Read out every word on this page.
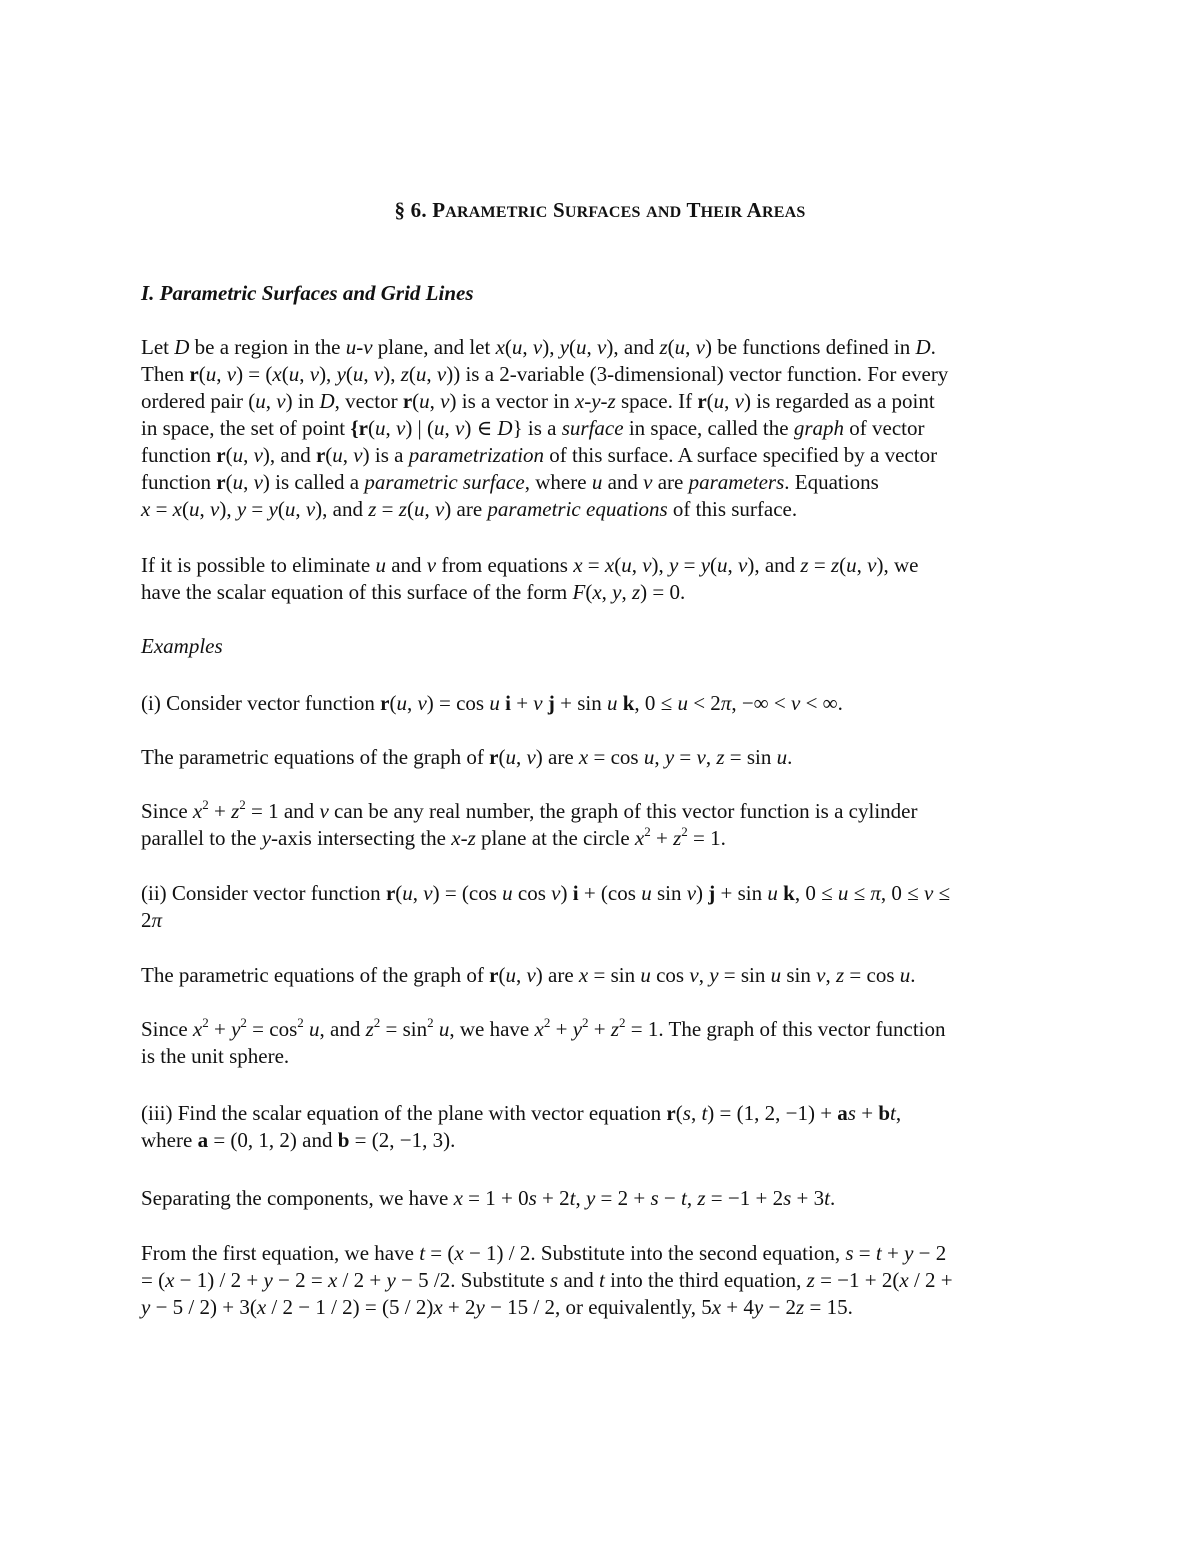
§ 6. PARAMETRIC SURFACES AND THEIR AREAS
I. Parametric Surfaces and Grid Lines
Examples
Let D be a region in the u-v plane, and let x(u, v), y(u, v), and z(u, v) be functions defined in D.
Then r(u, v) = (x(u, v), y(u, v), z(u, v)) is a 2-variable (3-dimensional) vector function. For every
ordered pair (u, v) in D, vector r(u, v) is a vector in x-y-z space. If r(u, v) is regarded as a point
in space, the set of point {r(u, v) | (u, v) ∈ D} is a surface in space, called the graph of vector
function r(u, v), and r(u, v) is a parametrization of this surface. A surface specified by a vector
function r(u, v) is called a parametric surface, where u and v are parameters. Equations
x = x(u, v), y = y(u, v), and z = z(u, v) are parametric equations of this surface.
If it is possible to eliminate u and v from equations x = x(u, v), y = y(u, v), and z = z(u, v), we
have the scalar equation of this surface of the form F(x, y, z) = 0.
(i) Consider vector function r(u, v) = cos u i + v j + sin u k, 0 ≤ u < 2π, −∞ < v < ∞.
The parametric equations of the graph of r(u, v) are x = cos u, y = v, z = sin u.
Since $x^2 + z^2 = 1$ and v can be any real number, the graph of this vector function is a cylinder
parallel to the y-axis intersecting the x-z plane at the circle $x^2 + z^2 = 1$.
(ii) Consider vector function r(u, v) = (cos u cos v) i + (cos u sin v) j + sin u k, 0 ≤ u ≤ π, 0 ≤ v ≤
2π
The parametric equations of the graph of r(u, v) are x = sin u cos v, y = sin u sin v, z = cos u.
Since $x^2 + y^2 = \cos^2 u$, and $z^2 = \sin^2 u$, we have $x^2 + y^2 + z^2 = 1$. The graph of this vector function
is the unit sphere.
(iii) Find the scalar equation of the plane with vector equation r(s, t) = (1, 2, −1) + as + bt,
where a = (0, 1, 2) and b = (2, −1, 3).
Separating the components, we have x = 1 + 0s + 2t, y = 2 + s − t, z = −1 + 2s + 3t.
From the first equation, we have t = (x − 1) / 2. Substitute into the second equation, s = t + y − 2
= (x − 1) / 2 + y − 2 = x / 2 + y − 5 /2. Substitute s and t into the third equation, z = −1 + 2(x / 2 +
y − 5 / 2) + 3(x / 2 − 1 / 2) = (5 / 2)x + 2y − 15 / 2, or equivalently, 5x + 4y − 2z = 15.
